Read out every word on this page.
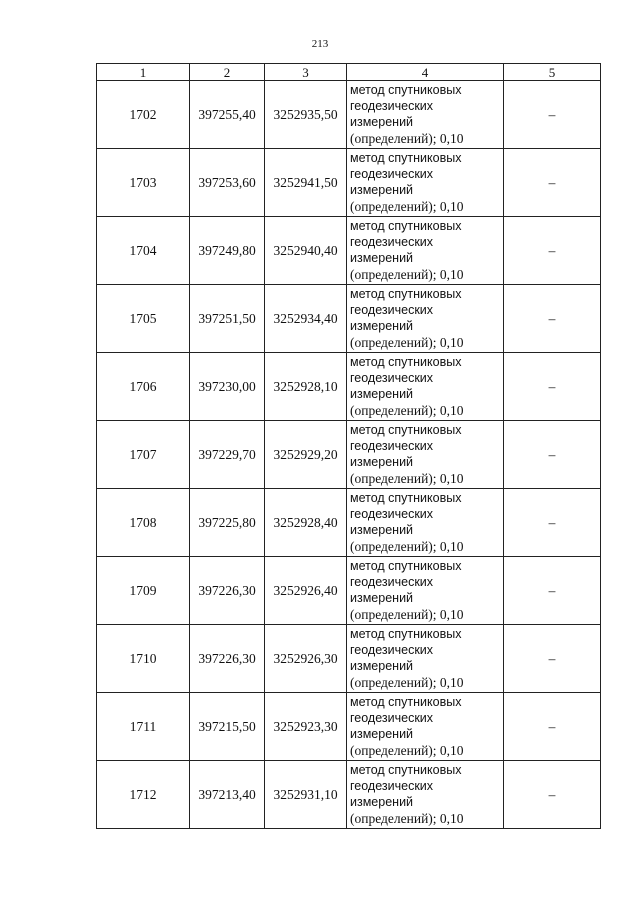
213
1	2	3	4	5
1702	397255,40	3252935,50	метод спутниковых
геодезических
измерений
(определений); 0,10	–
1703	397253,60	3252941,50	метод спутниковых
геодезических
измерений
(определений); 0,10	–
1704	397249,80	3252940,40	метод спутниковых
геодезических
измерений
(определений); 0,10	–
1705	397251,50	3252934,40	метод спутниковых
геодезических
измерений
(определений); 0,10	–
1706	397230,00	3252928,10	метод спутниковых
геодезических
измерений
(определений); 0,10	–
1707	397229,70	3252929,20	метод спутниковых
геодезических
измерений
(определений); 0,10	–
1708	397225,80	3252928,40	метод спутниковых
геодезических
измерений
(определений); 0,10	–
1709	397226,30	3252926,40	метод спутниковых
геодезических
измерений
(определений); 0,10	–
1710	397226,30	3252926,30	метод спутниковых
геодезических
измерений
(определений); 0,10	–
1711	397215,50	3252923,30	метод спутниковых
геодезических
измерений
(определений); 0,10	–
1712	397213,40	3252931,10	метод спутниковых
геодезических
измерений
(определений); 0,10	–
